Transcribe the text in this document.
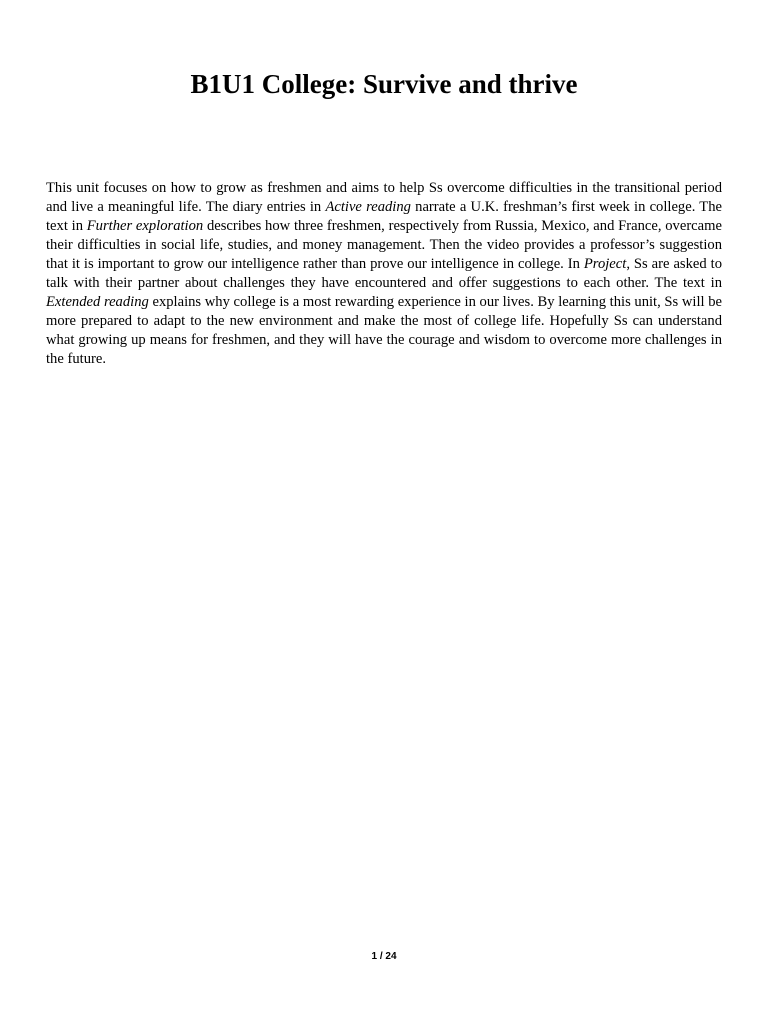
B1U1 College: Survive and thrive

This unit focuses on how to grow as freshmen and aims to help Ss overcome difficulties in the transitional period and live a meaningful life. The diary entries in Active reading narrate a U.K. freshman’s first week in college. The text in Further exploration describes how three freshmen, respectively from Russia, Mexico, and France, overcame their difficulties in social life, studies, and money management. Then the video provides a professor’s suggestion that it is important to grow our intelligence rather than prove our intelligence in college. In Project, Ss are asked to talk with their partner about challenges they have encountered and offer suggestions to each other. The text in Extended reading explains why college is a most rewarding experience in our lives. By learning this unit, Ss will be more prepared to adapt to the new environment and make the most of college life. Hopefully Ss can understand what growing up means for freshmen, and they will have the courage and wisdom to overcome more challenges in the future.

1 / 24
